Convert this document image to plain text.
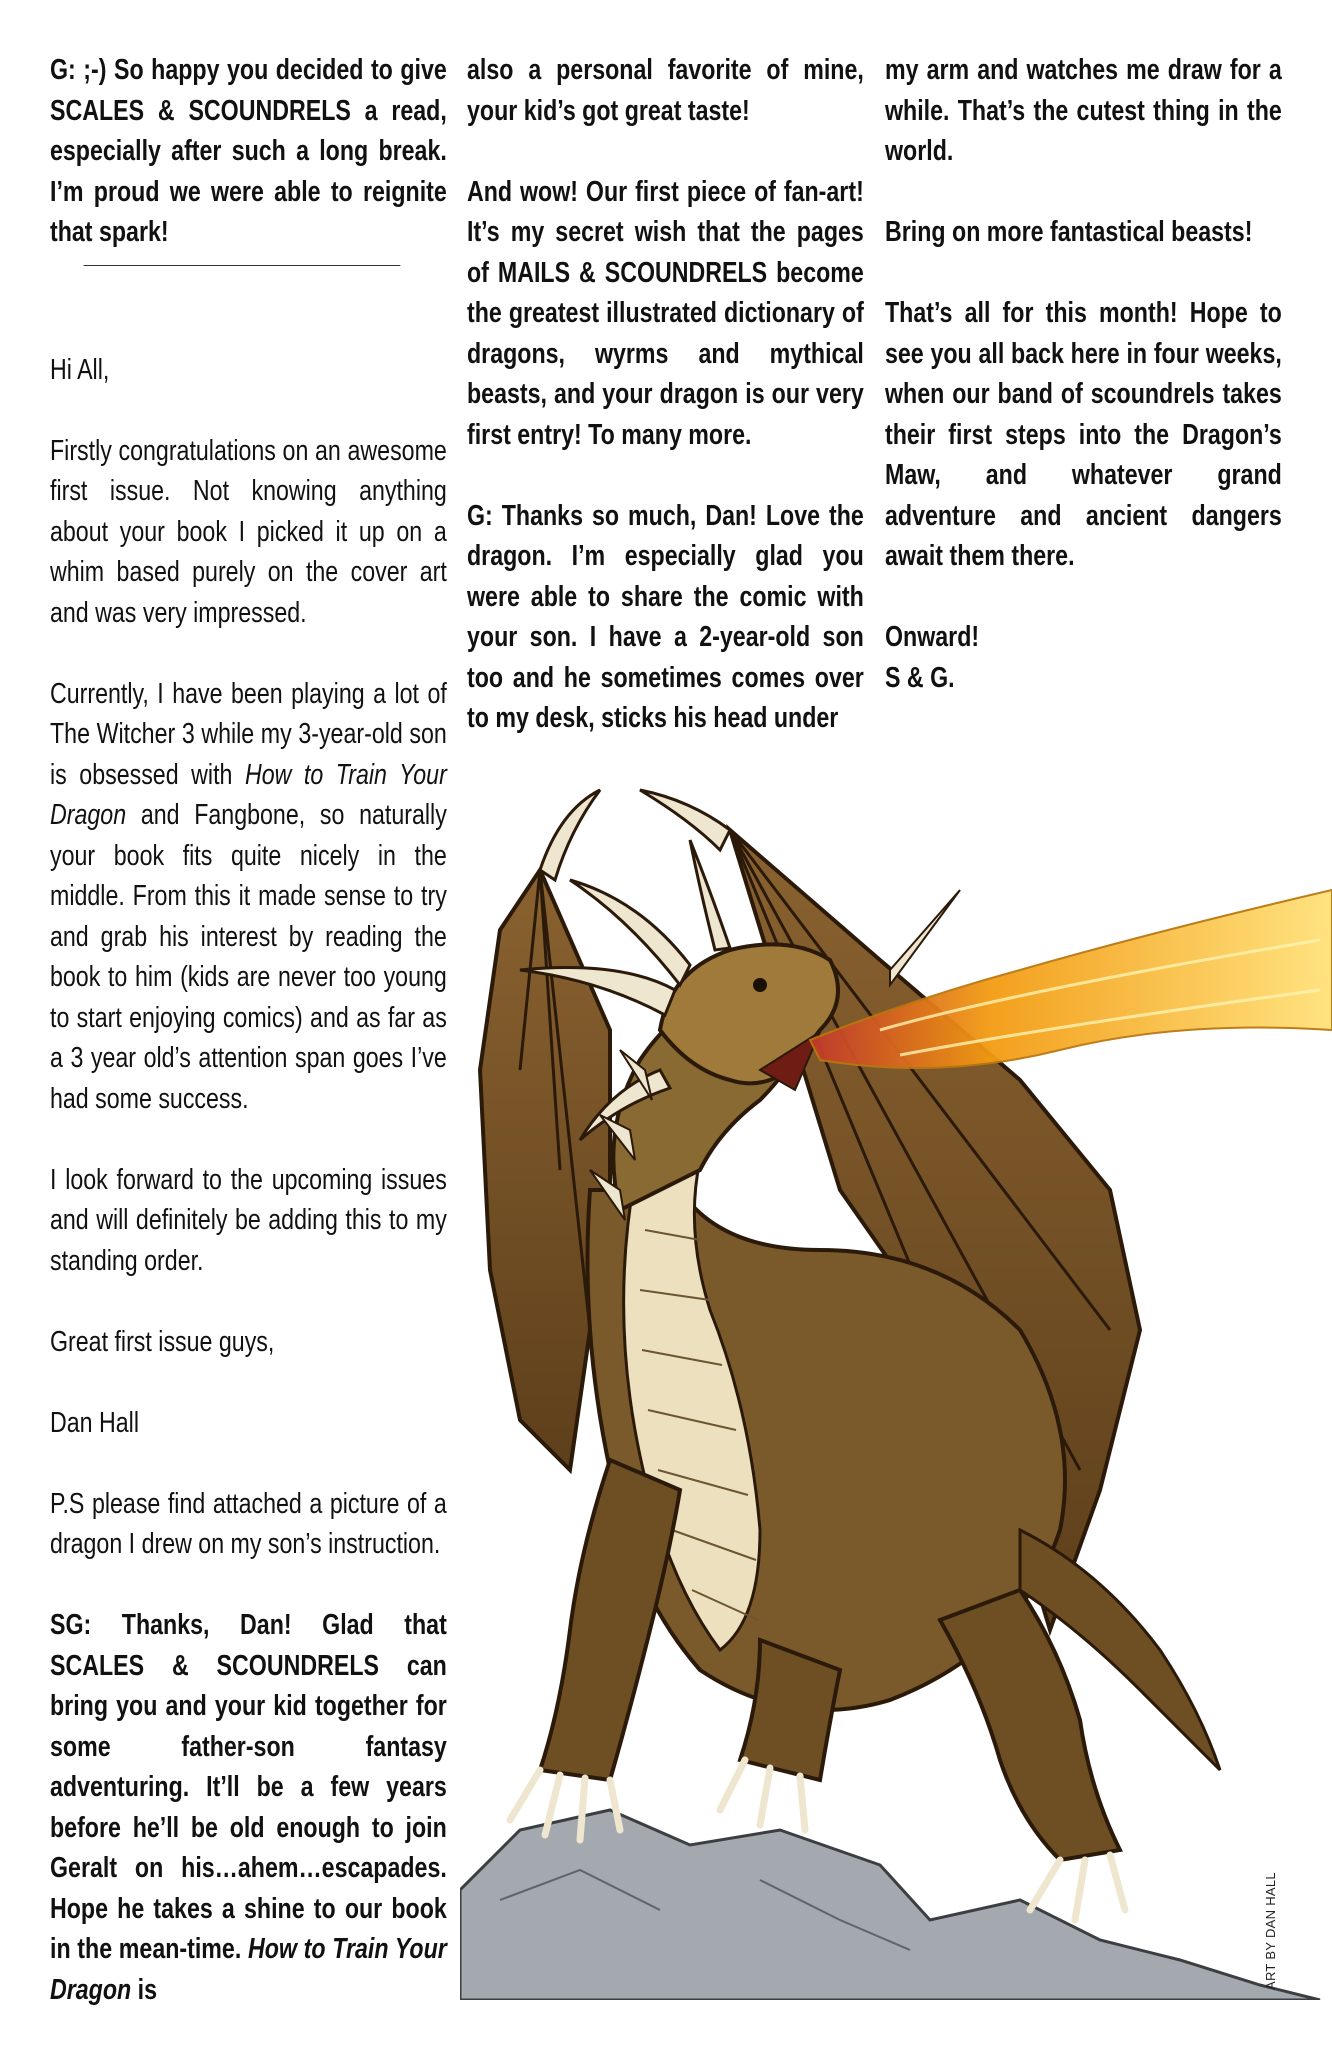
G: ;-) So happy you decided to give SCALES & SCOUNDRELS a read, especially after such a long break. I’m proud we were able to reignite that spark!

Hi All,

Firstly congratulations on an awesome first issue. Not knowing anything about your book I picked it up on a whim based purely on the cover art and was very impressed.

Currently, I have been playing a lot of The Witcher 3 while my 3-year-old son is obsessed with How to Train Your Dragon and Fangbone, so naturally your book fits quite nicely in the middle. From this it made sense to try and grab his interest by reading the book to him (kids are never too young to start enjoying comics) and as far as a 3 year old’s attention span goes I’ve had some success.

I look forward to the upcoming issues and will definitely be adding this to my standing order.

Great first issue guys,

Dan Hall

P.S please find attached a picture of a dragon I drew on my son’s instruction.

SG: Thanks, Dan! Glad that SCALES & SCOUNDRELS can bring you and your kid together for some father-son fantasy adventuring. It’ll be a few years before he’ll be old enough to join Geralt on his…ahem…escapades. Hope he takes a shine to our book in the mean-time. How to Train Your Dragon is

also a personal favorite of mine, your kid’s got great taste!

And wow! Our first piece of fan-art! It’s my secret wish that the pages of MAILS & SCOUNDRELS become the greatest illustrated dictionary of dragons, wyrms and mythical beasts, and your dragon is our very first entry! To many more.

G: Thanks so much, Dan! Love the dragon. I’m especially glad you were able to share the comic with your son. I have a 2-year-old son too and he sometimes comes over to my desk, sticks his head under

my arm and watches me draw for a while. That’s the cutest thing in the world.

Bring on more fantastical beasts!

That’s all for this month! Hope to see you all back here in four weeks, when our band of scoundrels takes their first steps into the Dragon’s Maw, and whatever grand adventure and ancient dangers await them there.

Onward!

S & G.

ART BY DAN HALL
